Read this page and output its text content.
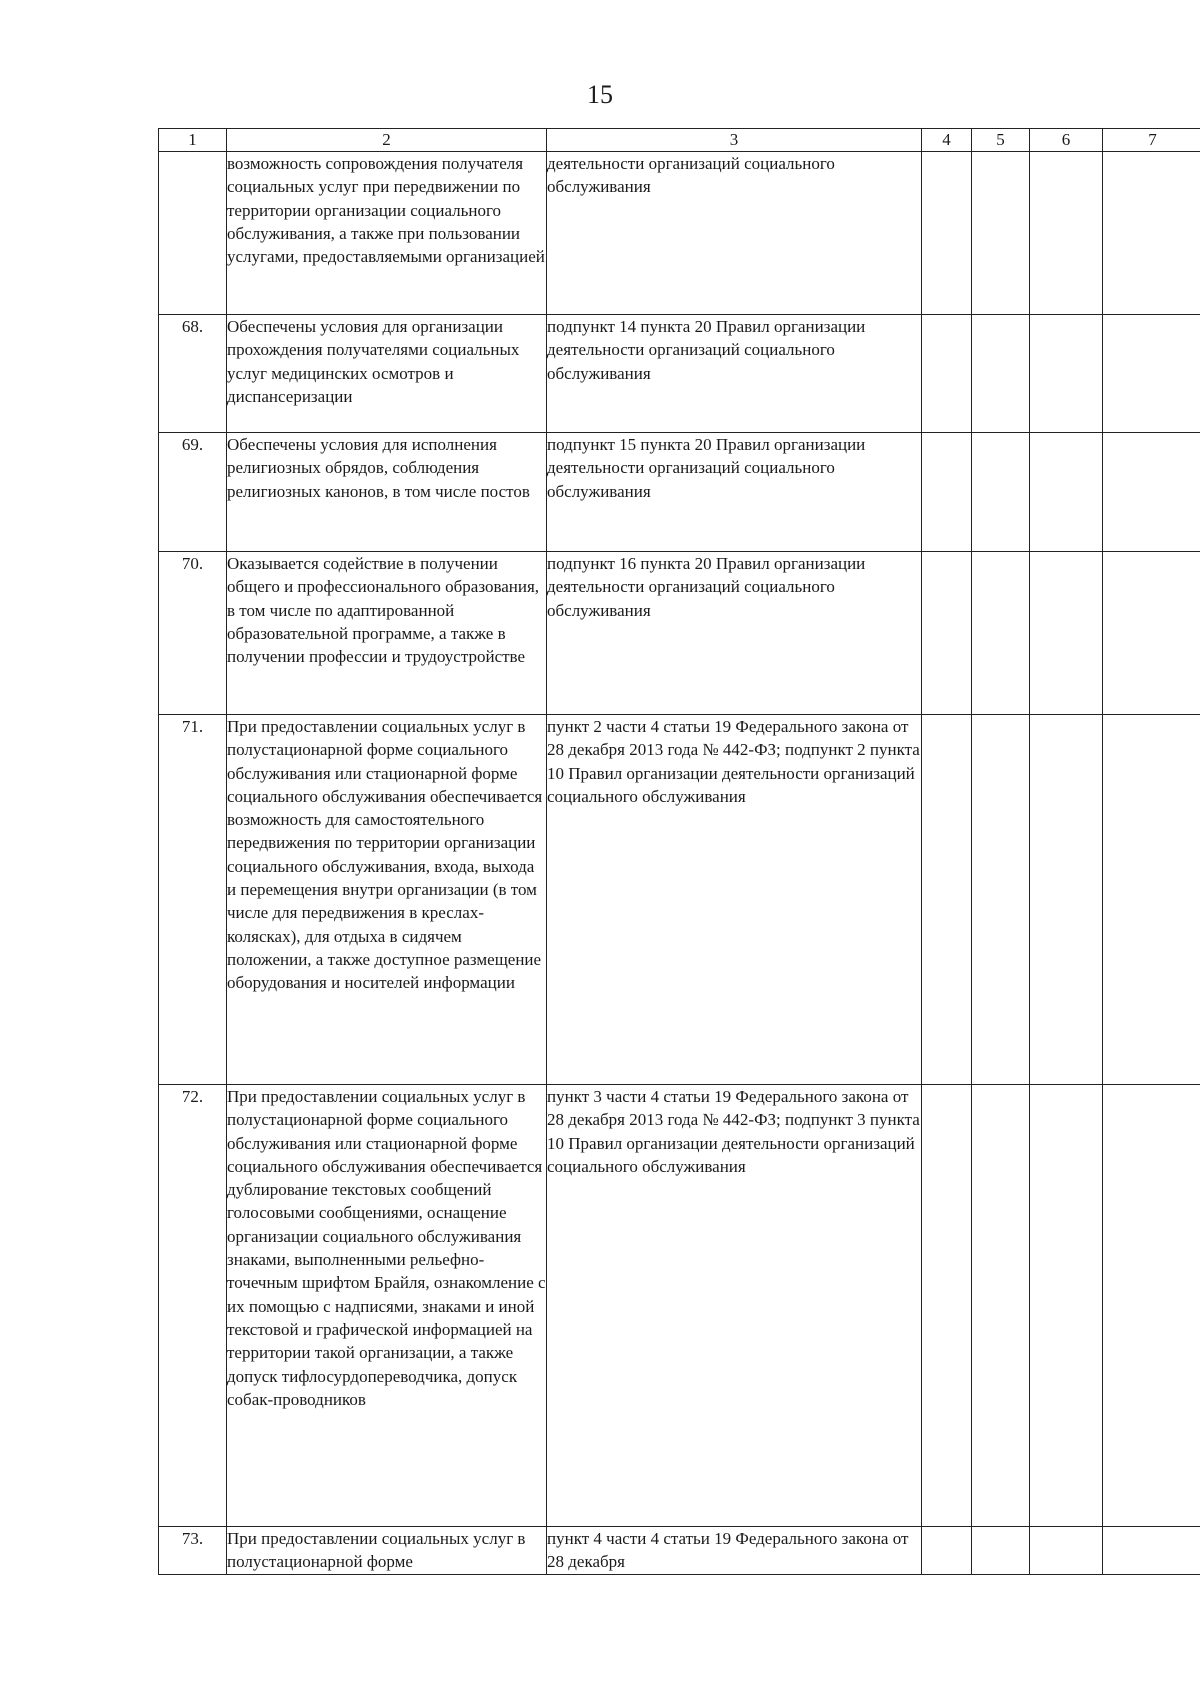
15
1	2	3	4	5	6	7
	возможность сопровождения получателя социальных услуг при передвижении по территории организации социального обслуживания, а также при пользовании услугами, предоставляемыми организацией	деятельности организаций социального обслуживания				
68.	Обеспечены условия для организации прохождения получателями социальных услуг медицинских осмотров и диспансеризации	подпункт 14 пункта 20 Правил организации деятельности организаций социального обслуживания				
69.	Обеспечены условия для исполнения религиозных обрядов, соблюдения религиозных канонов, в том числе постов	подпункт 15 пункта 20 Правил организации деятельности организаций социального обслуживания				
70.	Оказывается содействие в получении общего и профессионального образования, в том числе по адаптированной образовательной программе, а также в получении профессии и трудоустройстве	подпункт 16 пункта 20 Правил организации деятельности организаций социального обслуживания				
71.	При предоставлении социальных услуг в полустационарной форме социального обслуживания или стационарной форме социального обслуживания обеспечивается возможность для самостоятельного передвижения по территории организации социального обслуживания, входа, выхода и перемещения внутри организации (в том числе для передвижения в креслах-колясках), для отдыха в сидячем положении, а также доступное размещение оборудования и носителей информации	пункт 2 части 4 статьи 19 Федерального закона от 28 декабря 2013 года № 442-ФЗ; подпункт 2 пункта 10 Правил организации деятельности организаций социального обслуживания				
72.	При предоставлении социальных услуг в полустационарной форме социального обслуживания или стационарной форме социального обслуживания обеспечивается дублирование текстовых сообщений голосовыми сообщениями, оснащение организации социального обслуживания знаками, выполненными рельефно-точечным шрифтом Брайля, ознакомление с их помощью с надписями, знаками и иной текстовой и графической информацией на территории такой организации, а также допуск тифлосурдопереводчика, допуск собак-проводников	пункт 3 части 4 статьи 19 Федерального закона от 28 декабря 2013 года № 442-ФЗ; подпункт 3 пункта 10 Правил организации деятельности организаций социального обслуживания				
73.	При предоставлении социальных услуг в полустационарной форме	пункт 4 части 4 статьи 19 Федерального закона от 28 декабря				
